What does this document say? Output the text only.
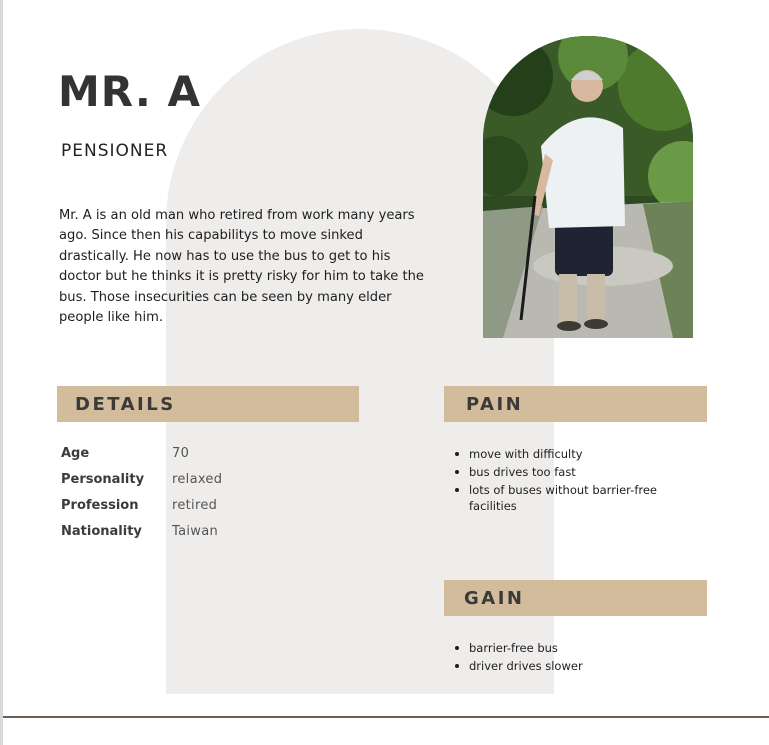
MR. A
PENSIONER
Mr. A is an old man who retired from work many years ago. Since then his capabilitys to move sinked drastically. He now has to use the bus to get to his doctor but he thinks it is pretty risky for him to take the bus. Those insecurities can be seen by many elder people like him.
DETAILS
Age	70
Personality relaxed
Profession	retired
Nationality Taiwan
PAIN
move with difficulty
bus drives too fast
lots of buses without barrier-free facilities
GAIN
barrier-free bus
driver drives slower
